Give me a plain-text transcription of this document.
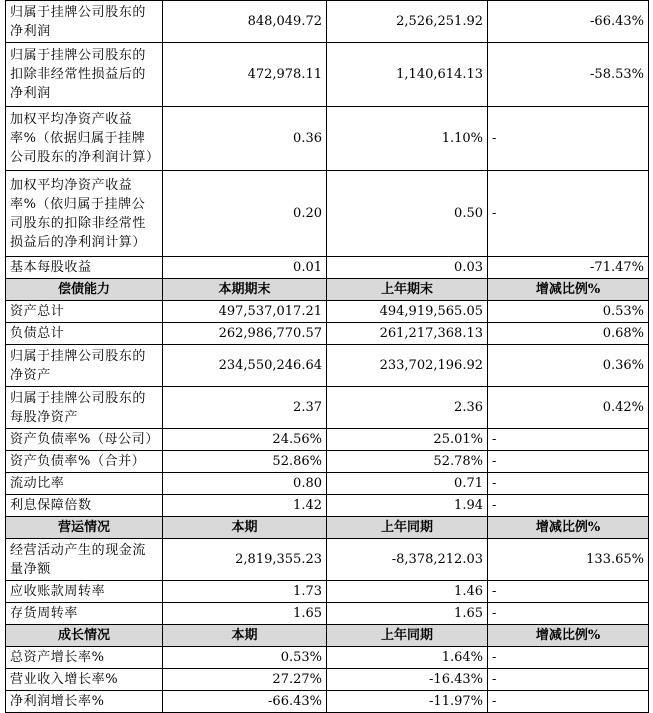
归属于挂牌公司股东的净利润	848,049.72	2,526,251.92	-66.43%
归属于挂牌公司股东的扣除非经常性损益后的净利润	472,978.11	1,140,614.13	-58.53%
加权平均净资产收益率%（依据归属于挂牌公司股东的净利润计算）	0.36	1.10%	-
加权平均净资产收益率%（依归属于挂牌公司股东的扣除非经常性损益后的净利润计算）	0.20	0.50	-
基本每股收益	0.01	0.03	-71.47%
偿债能力	本期期末	上年期末	增减比例%
资产总计	497,537,017.21	494,919,565.05	0.53%
负债总计	262,986,770.57	261,217,368.13	0.68%
归属于挂牌公司股东的净资产	234,550,246.64	233,702,196.92	0.36%
归属于挂牌公司股东的每股净资产	2.37	2.36	0.42%
资产负债率%（母公司）	24.56%	25.01%	-
资产负债率%（合并）	52.86%	52.78%	-
流动比率	0.80	0.71	-
利息保障倍数	1.42	1.94	-
营运情况	本期	上年同期	增减比例%
经营活动产生的现金流量净额	2,819,355.23	-8,378,212.03	133.65%
应收账款周转率	1.73	1.46	-
存货周转率	1.65	1.65	-
成长情况	本期	上年同期	增减比例%
总资产增长率%	0.53%	1.64%	-
营业收入增长率%	27.27%	-16.43%	-
净利润增长率%	-66.43%	-11.97%	-
